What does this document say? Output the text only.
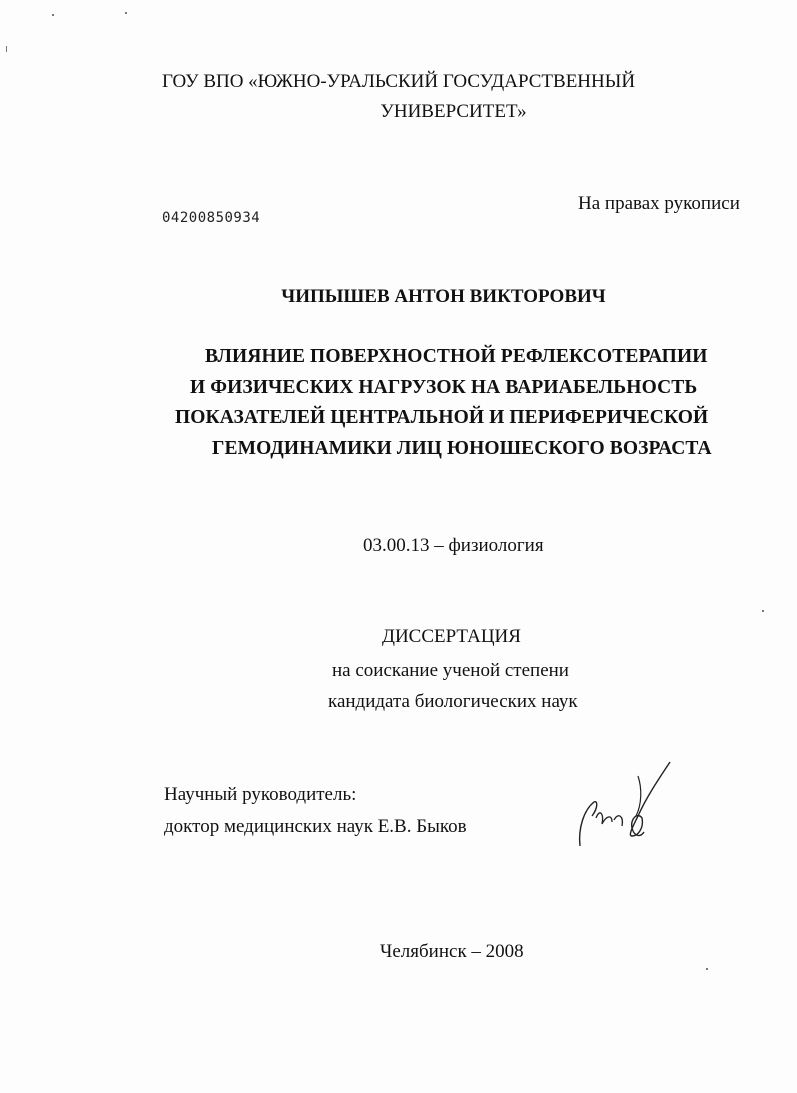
ГОУ ВПО «ЮЖНО-УРАЛЬСКИЙ ГОСУДАРСТВЕННЫЙ
УНИВЕРСИТЕТ»
На правах рукописи
04200850934
ЧИПЫШЕВ АНТОН ВИКТОРОВИЧ
ВЛИЯНИЕ ПОВЕРХНОСТНОЙ РЕФЛЕКСОТЕРАПИИ
И ФИЗИЧЕСКИХ НАГРУЗОК НА ВАРИАБЕЛЬНОСТЬ
ПОКАЗАТЕЛЕЙ ЦЕНТРАЛЬНОЙ И ПЕРИФЕРИЧЕСКОЙ
ГЕМОДИНАМИКИ ЛИЦ ЮНОШЕСКОГО ВОЗРАСТА
03.00.13 – физиология
ДИССЕРТАЦИЯ
на соискание ученой степени
кандидата биологических наук
Научный руководитель:
доктор медицинских наук Е.В. Быков
Челябинск – 2008
